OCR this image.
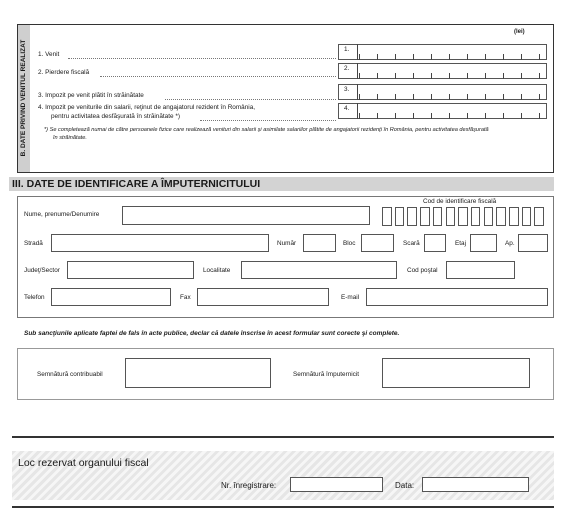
B. DATE PRIVIND VENITUL REALIZAT
(lei)
1. Venit
2. Pierdere fiscală
3. Impozit pe venit plătit în străinătate
4. Impozit pe veniturile din salarii, reţinut de angajatorul rezident în România,
pentru activitatea desfăşurată în străinătate *)
1.
2.
3.
4.
*) Se completează numai de către persoanele fizice care realizează venituri din salarii şi asimilate salariilor plătite de angajatorii rezidenţi în România, pentru activitatea desfăşurată
în străinătate.
III. DATE DE IDENTIFICARE A ÎMPUTERNICITULUI
Cod de identificare fiscală
Nume, prenume/Denumire
Stradă	Număr	Bloc	Scară	Etaj	Ap.
Judeţ/Sector	Localitate	Cod poştal
Telefon	Fax	E-mail
Sub sancţiunile aplicate faptei de fals în acte publice, declar că datele înscrise în acest formular sunt corecte şi complete.
Semnătură contribuabil	Semnătură împuternicit
Loc rezervat organului fiscal
Nr. înregistrare:	Data:
